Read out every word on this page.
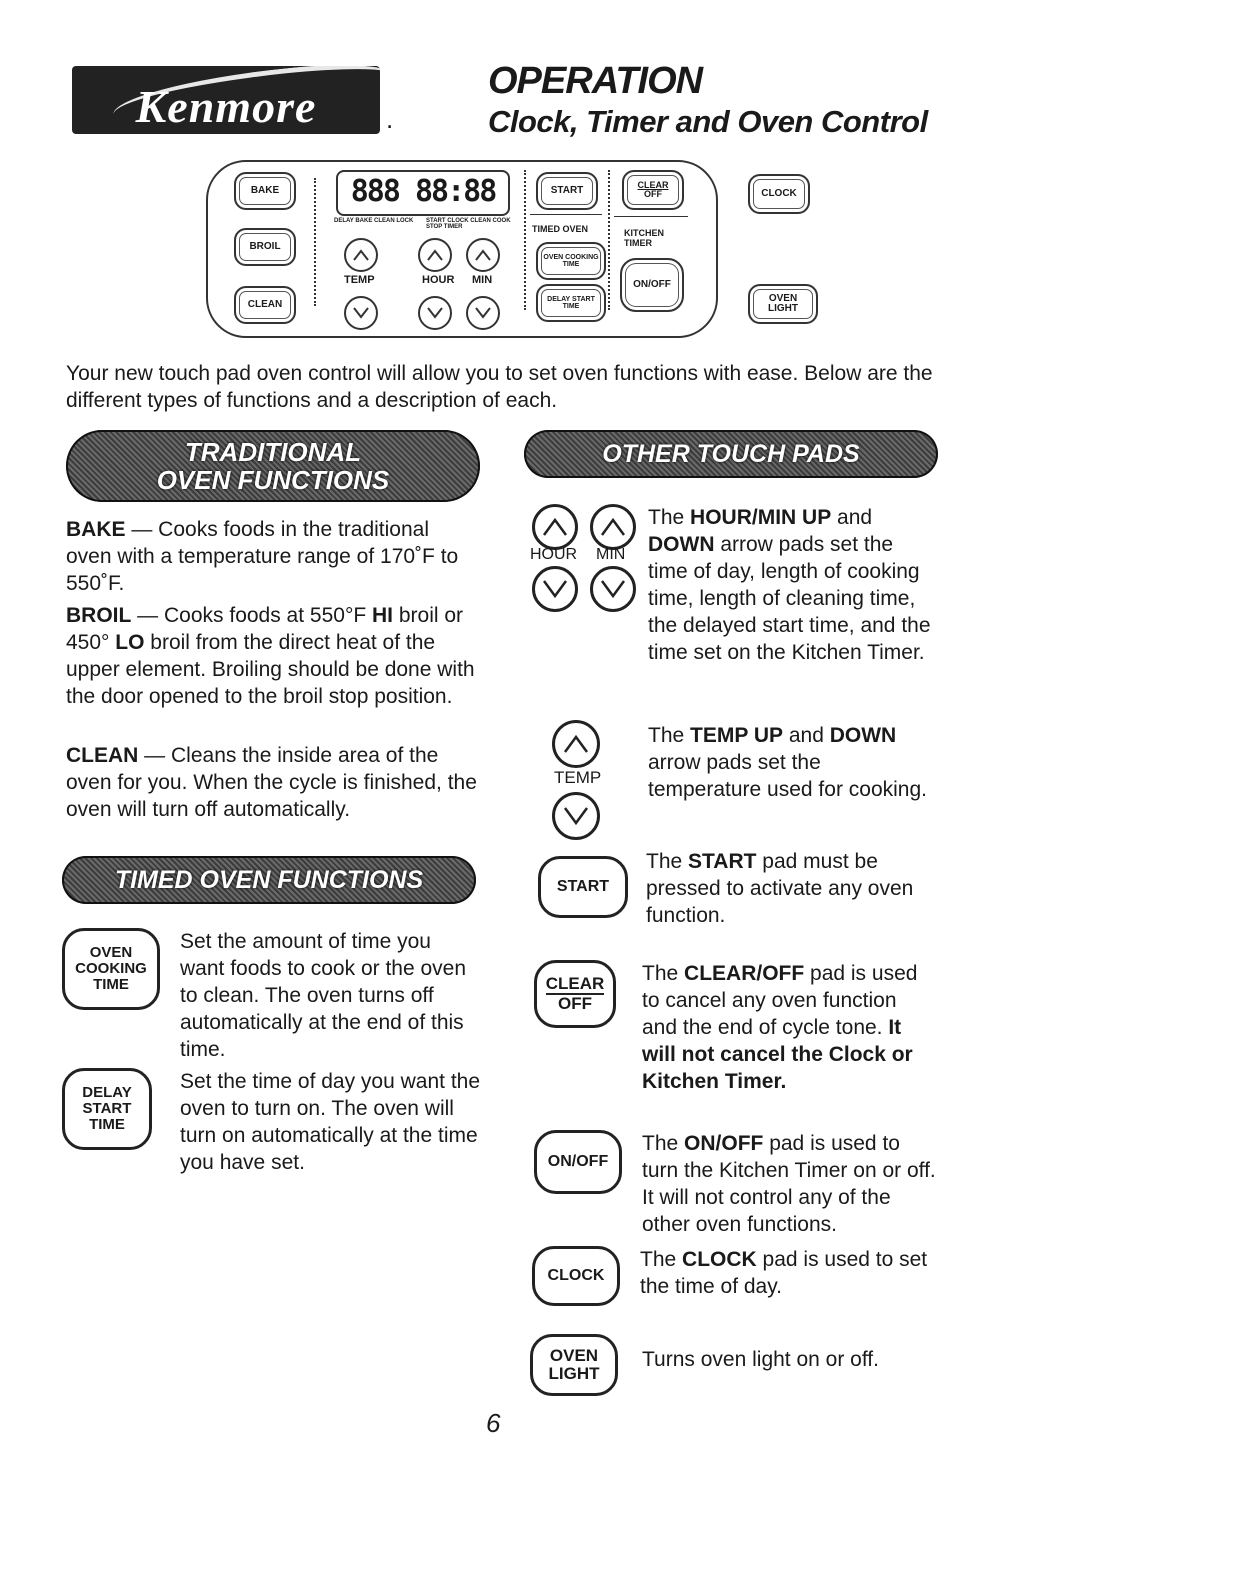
Kenmore	.
OPERATION
Clock, Timer and Oven Control
BAKE
BROIL
CLEAN
888 88:88
DELAY BAKE CLEAN LOCK	START CLOCK CLEAN COOK STOP TIMER
TEMP	HOUR MIN
START
TIMED OVEN
OVEN COOKING TIME
DELAY START TIME
CLEAR
OFF
KITCHEN TIMER
ON/OFF
CLOCK
OVEN LIGHT
Your new touch pad oven control will allow you to set oven functions with ease. Below are the different types of functions and a description of each.
TRADITIONAL
OVEN FUNCTIONS
BAKE — Cooks foods in the traditional oven with a temperature range of 170˚F to 550˚F.
BROIL — Cooks foods at 550°F HI broil or 450° LO broil from the direct heat of the upper element. Broiling should be done with the door opened to the broil stop position.
CLEAN — Cleans the inside area of the oven for you. When the cycle is finished, the oven will turn off automatically.
TIMED OVEN FUNCTIONS
OVEN
COOKING
TIME
Set the amount of time you want foods to cook or the oven to clean. The oven turns off automatically at the end of this time.
DELAY
START
TIME
Set the time of day you want the oven to turn on. The oven will turn on automatically at the time you have set.
OTHER TOUCH PADS
HOUR MIN
The HOUR/MIN UP and DOWN arrow pads set the time of day, length of cooking time, length of cleaning time, the delayed start time, and the time set on the Kitchen Timer.
TEMP
The TEMP UP and DOWN arrow pads set the temperature used for cooking.
START
The START pad must be pressed to activate any oven function.
CLEAR
OFF
The CLEAR/OFF pad is used to cancel any oven function and the end of cycle tone. It will not cancel the Clock or Kitchen Timer.
ON/OFF
The ON/OFF pad is used to turn the Kitchen Timer on or off. It will not control any of the other oven functions.
CLOCK
The CLOCK pad is used to set the time of day.
OVEN
LIGHT
Turns oven light on or off.
6
